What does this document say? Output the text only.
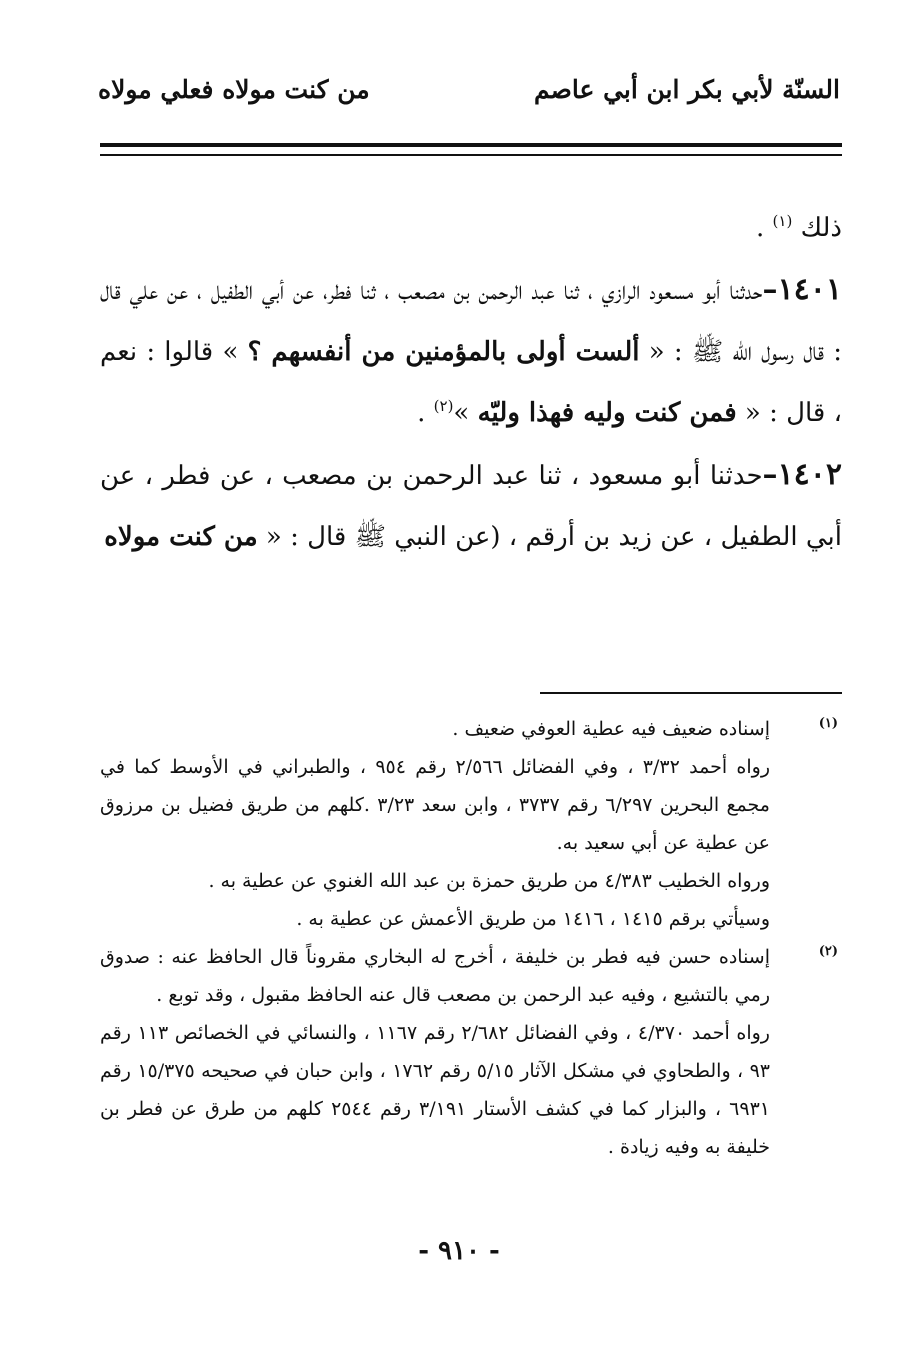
السنّة لأبي بكر ابن أبي عاصم
من كنت مولاه فعلي مولاه

ذلك $^{(١)}$ .

١٤٠١–حدثنا أبو مسعود الرازي ، ثنا عبد الرحمن بن مصعب ، ثنا فطر، عن أبي الطفيل ، عن علي قال : قال رسول الله ﷺ : « ألست أولى بالمؤمنين من أنفسهم ؟ » قالوا : نعم ، قال : « فمن كنت وليه فهذا وليّه »$^{(٢)}$ .

١٤٠٢–حدثنا أبو مسعود ، ثنا عبد الرحمن بن مصعب ، عن فطر ، عن أبي الطفيل ، عن زيد بن أرقم ، (عن النبي ﷺ قال : « من كنت مولاه

(١)

إسناده ضعيف فيه عطية العوفي ضعيف .

رواه أحمد ٣/٣٢ ، وفي الفضائل ٢/٥٦٦ رقم ٩٥٤ ، والطبراني في الأوسط كما في مجمع البحرين ٦/٢٩٧ رقم ٣٧٣٧ ، وابن سعد ٣/٢٣ .كلهم من طريق فضيل بن مرزوق عن عطية عن أبي سعيد به.

ورواه الخطيب ٤/٣٨٣ من طريق حمزة بن عبد الله الغنوي عن عطية به .

وسيأتي برقم ١٤١٥ ، ١٤١٦ من طريق الأعمش عن عطية به .

(٢)

إسناده حسن فيه فطر بن خليفة ، أخرج له البخاري مقروناً قال الحافظ عنه : صدوق رمي بالتشيع ، وفيه عبد الرحمن بن مصعب قال عنه الحافظ مقبول ، وقد توبع .

رواه أحمد ٤/٣٧٠ ، وفي الفضائل ٢/٦٨٢ رقم ١١٦٧ ، والنسائي في الخصائص ١١٣ رقم ٩٣ ، والطحاوي في مشكل الآثار ٥/١٥ رقم ١٧٦٢ ، وابن حبان في صحيحه ١٥/٣٧٥ رقم ٦٩٣١ ، والبزار كما في كشف الأستار ٣/١٩١ رقم ٢٥٤٤ كلهم من طرق عن فطر بن خليفة به وفيه زيادة .

- ٩١٠ -
